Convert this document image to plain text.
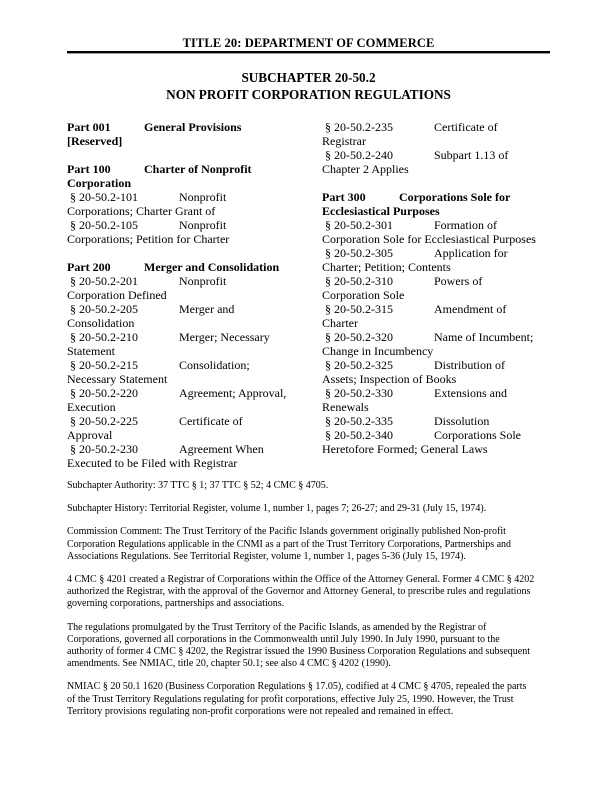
TITLE 20: DEPARTMENT OF COMMERCE
SUBCHAPTER 20-50.2
NON PROFIT CORPORATION REGULATIONS
Part 001	General Provisions
[Reserved]
Part 100	Charter of Nonprofit
Corporation
§ 20-50.2-101	Nonprofit
Corporations; Charter Grant of
§ 20-50.2-105	Nonprofit
Corporations; Petition for Charter
Part 200	Merger and Consolidation
§ 20-50.2-201	Nonprofit
Corporation Defined
§ 20-50.2-205	Merger and
Consolidation
§ 20-50.2-210	Merger; Necessary
Statement
§ 20-50.2-215	Consolidation;
Necessary Statement
§ 20-50.2-220	Agreement; Approval,
Execution
§ 20-50.2-225	Certificate of
Approval
§ 20-50.2-230	Agreement When
Executed to be Filed with Registrar
§ 20-50.2-235	Certificate of
Registrar
§ 20-50.2-240	Subpart 1.13 of
Chapter 2 Applies
Part 300	Corporations Sole for
Ecclesiastical Purposes
§ 20-50.2-301	Formation of
Corporation Sole for Ecclesiastical Purposes
§ 20-50.2-305	Application for
Charter; Petition; Contents
§ 20-50.2-310	Powers of
Corporation Sole
§ 20-50.2-315	Amendment of
Charter
§ 20-50.2-320	Name of Incumbent;
Change in Incumbency
§ 20-50.2-325	Distribution of
Assets; Inspection of Books
§ 20-50.2-330	Extensions and
Renewals
§ 20-50.2-335	Dissolution
§ 20-50.2-340	Corporations Sole
Heretofore Formed; General Laws
Subchapter Authority: 37 TTC § 1; 37 TTC § 52; 4 CMC § 4705.
Subchapter History: Territorial Register, volume 1, number 1, pages 7; 26-27; and 29-31 (July 15, 1974).
Commission Comment: The Trust Territory of the Pacific Islands government originally published Non-profit
Corporation Regulations applicable in the CNMI as a part of the Trust Territory Corporations, Partnerships and
Associations Regulations. See Territorial Register, volume 1, number 1, pages 5-36 (July 15, 1974).
4 CMC § 4201 created a Registrar of Corporations within the Office of the Attorney General. Former 4 CMC § 4202
authorized the Registrar, with the approval of the Governor and Attorney General, to prescribe rules and regulations
governing corporations, partnerships and associations.
The regulations promulgated by the Trust Territory of the Pacific Islands, as amended by the Registrar of
Corporations, governed all corporations in the Commonwealth until July 1990. In July 1990, pursuant to the
authority of former 4 CMC § 4202, the Registrar issued the 1990 Business Corporation Regulations and subsequent
amendments. See NMIAC, title 20, chapter 50.1; see also 4 CMC § 4202 (1990).
NMIAC § 20 50.1 1620 (Business Corporation Regulations § 17.05), codified at 4 CMC § 4705, repealed the parts
of the Trust Territory Regulations regulating for profit corporations, effective July 25, 1990. However, the Trust
Territory provisions regulating non-profit corporations were not repealed and remained in effect.
